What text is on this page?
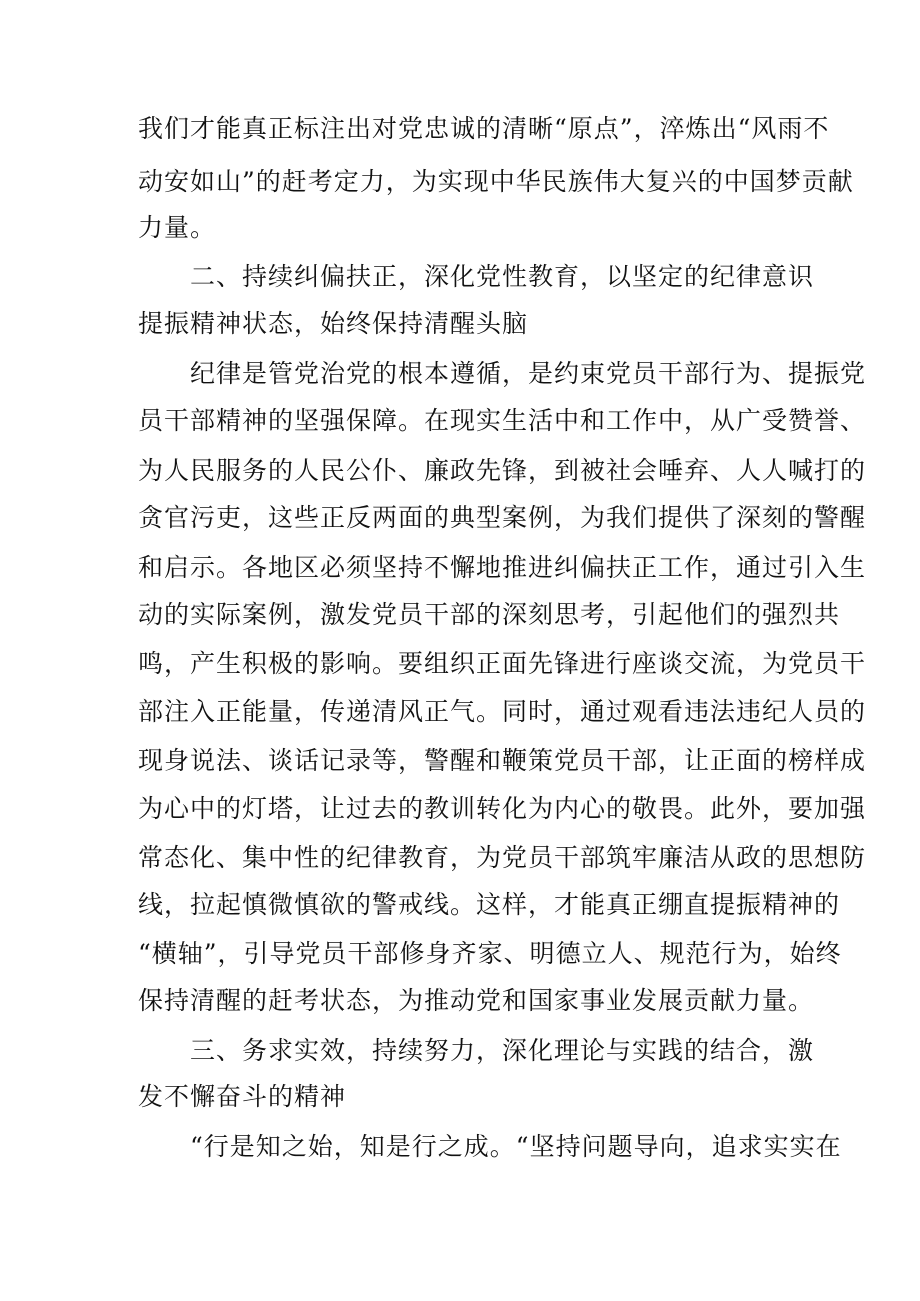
我们才能真正标注出对党忠诚的清晰“原点”，淬炼出“风雨不
动安如山”的赶考定力，为实现中华民族伟大复兴的中国梦贡献
力量。
二、持续纠偏扶正，深化党性教育，以坚定的纪律意识
提振精神状态，始终保持清醒头脑
纪律是管党治党的根本遵循，是约束党员干部行为、提振党
员干部精神的坚强保障。在现实生活中和工作中，从广受赞誉、
为人民服务的人民公仆、廉政先锋，到被社会唾弃、人人喊打的
贪官污吏，这些正反两面的典型案例，为我们提供了深刻的警醒
和启示。各地区必须坚持不懈地推进纠偏扶正工作，通过引入生
动的实际案例，激发党员干部的深刻思考，引起他们的强烈共
鸣，产生积极的影响。要组织正面先锋进行座谈交流，为党员干
部注入正能量，传递清风正气。同时，通过观看违法违纪人员的
现身说法、谈话记录等，警醒和鞭策党员干部，让正面的榜样成
为心中的灯塔，让过去的教训转化为内心的敬畏。此外，要加强
常态化、集中性的纪律教育，为党员干部筑牢廉洁从政的思想防
线，拉起慎微慎欲的警戒线。这样，才能真正绷直提振精神的
“横轴”，引导党员干部修身齐家、明德立人、规范行为，始终
保持清醒的赶考状态，为推动党和国家事业发展贡献力量。
三、务求实效，持续努力，深化理论与实践的结合，激
发不懈奋斗的精神
“行是知之始，知是行之成。“坚持问题导向，追求实实在
